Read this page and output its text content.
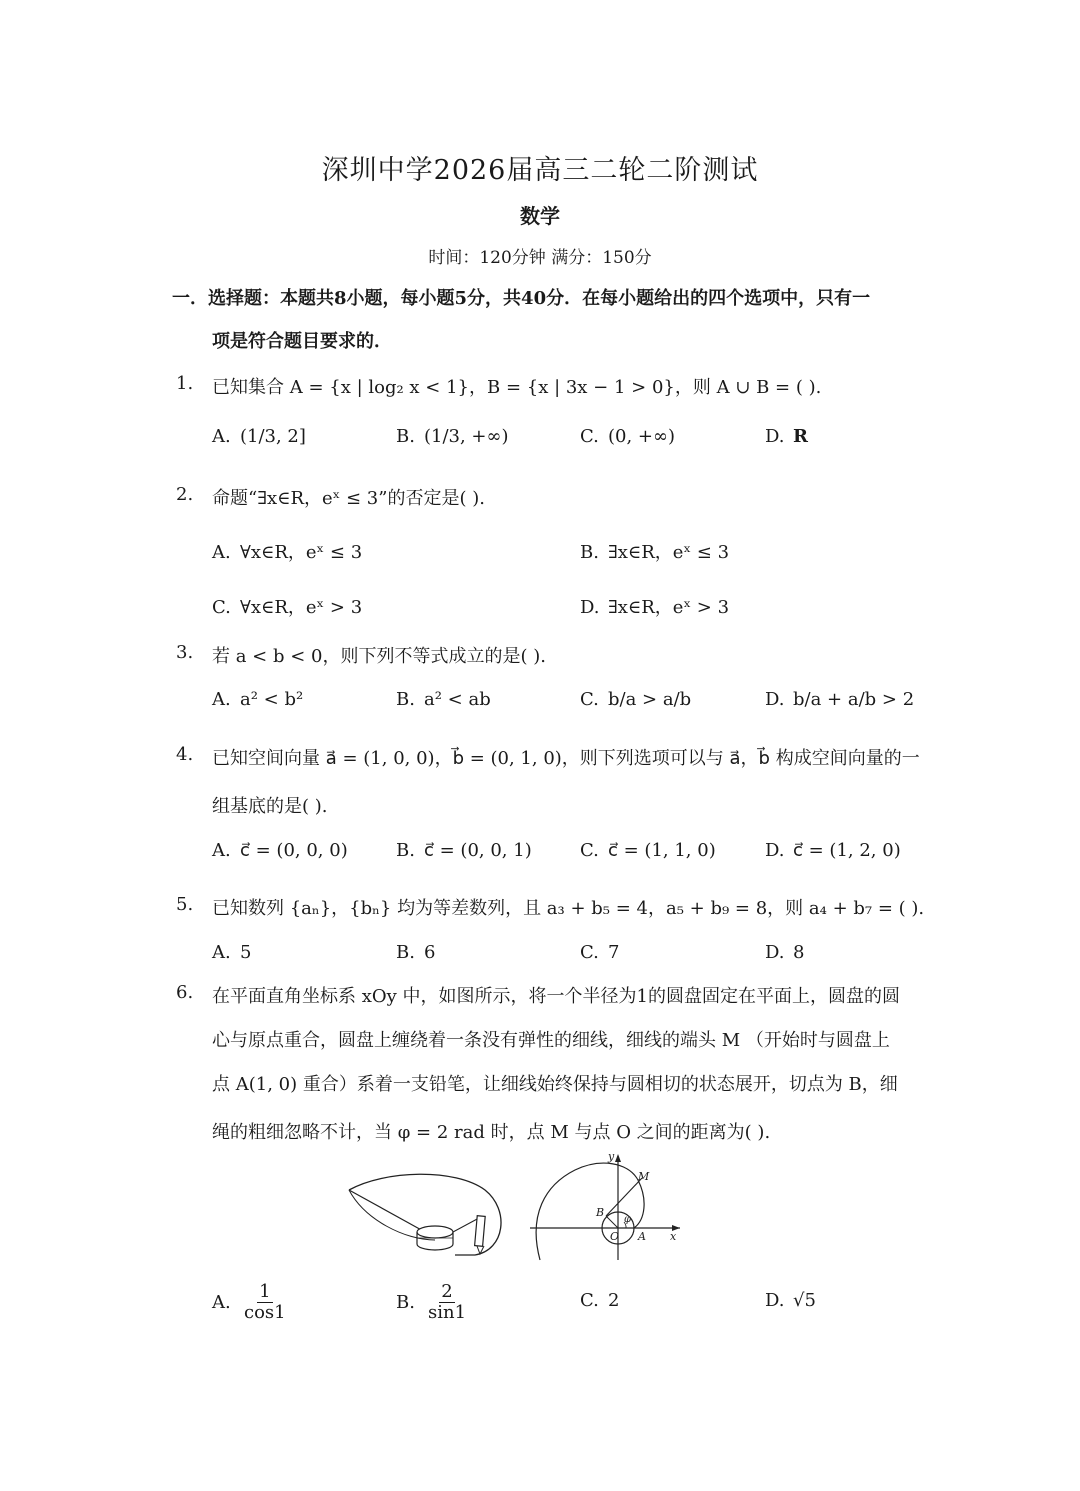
深圳中学2026届高三二轮二阶测试
数学
时间：120分钟 满分：150分
一．选择题：本题共8小题，每小题5分，共40分．在每小题给出的四个选项中，只有一
项是符合题目要求的．
1. 已知集合 A = {x | log₂ x < 1}，B = {x | 3x − 1 > 0}，则 A ∪ B = ( ).
A. (1/3, 2]	B. (1/3, +∞)	C. (0, +∞)	D. R
2. 命题“∃x∈R，eˣ ≤ 3”的否定是( ).
A. ∀x∈R，eˣ ≤ 3	B. ∃x∈R，eˣ ≤ 3
C. ∀x∈R，eˣ > 3	D. ∃x∈R，eˣ > 3
3. 若 a < b < 0，则下列不等式成立的是( ).
A. a² < b²	B. a² < ab	C. b/a > a/b	D. b/a + a/b > 2
4. 已知空间向量 a⃗ = (1, 0, 0)，b⃗ = (0, 1, 0)，则下列选项可以与 a⃗，b⃗ 构成空间向量的一
组基底的是( ).
A. c⃗ = (0, 0, 0)	B. c⃗ = (0, 0, 1)	C. c⃗ = (1, 1, 0)	D. c⃗ = (1, 2, 0)
5. 已知数列 {aₙ}，{bₙ} 均为等差数列，且 a₃ + b₅ = 4，a₅ + b₉ = 8，则 a₄ + b₇ = ( ).
A. 5	B. 6	C. 7	D. 8
6. 在平面直角坐标系 xOy 中，如图所示，将一个半径为1的圆盘固定在平面上，圆盘的圆
心与原点重合，圆盘上缠绕着一条没有弹性的细线，细线的端头 M （开始时与圆盘上
点 A(1, 0) 重合）系着一支铅笔，让细线始终保持与圆相切的状态展开，切点为 B，细
绳的粗细忽略不计，当 φ = 2 rad 时，点 M 与点 O 之间的距离为( ).
y
M
B
φ
O A x
A. $\frac{1}{\cos 1}$	B. $\frac{2}{\sin 1}$	C. 2	D. √5
